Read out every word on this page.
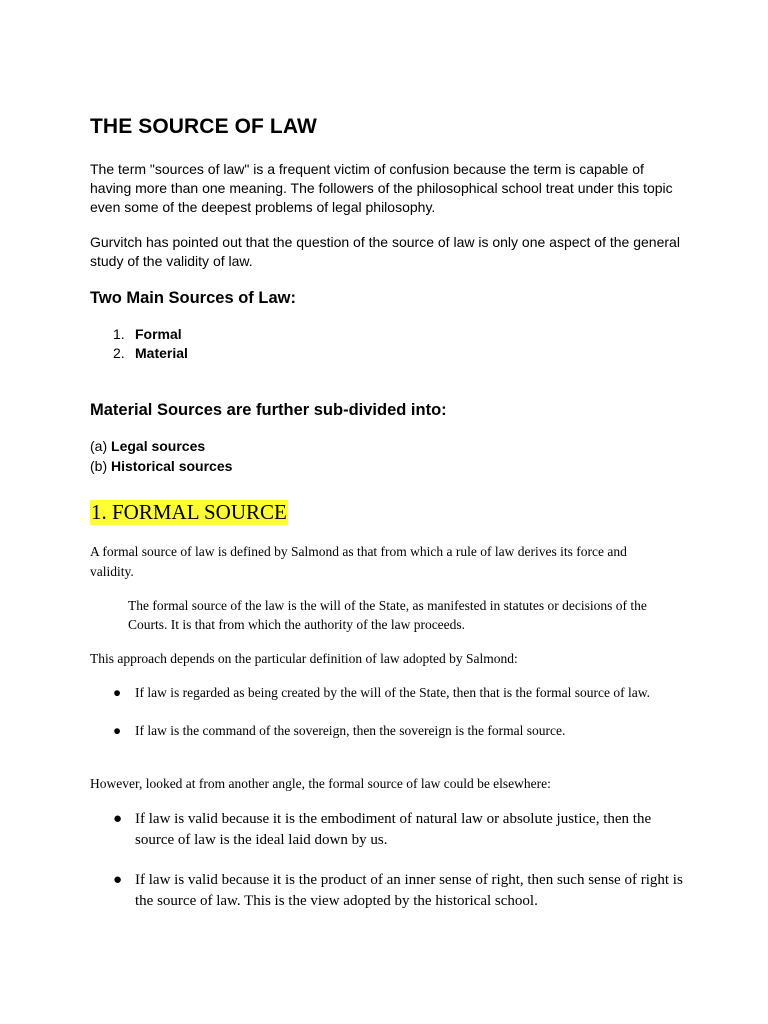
THE SOURCE OF LAW

The term "sources of law" is a frequent victim of confusion because the term is capable of having more than one meaning. The followers of the philosophical school treat under this topic even some of the deepest problems of legal philosophy.

Gurvitch has pointed out that the question of the source of law is only one aspect of the general study of the validity of law.

Two Main Sources of Law:
1. Formal
2. Material
Material Sources are further sub-divided into:
(a) Legal sources
(b) Historical sources
1. FORMAL SOURCE

A formal source of law is defined by Salmond as that from which a rule of law derives its force and validity.

The formal source of the law is the will of the State, as manifested in statutes or decisions of the Courts. It is that from which the authority of the law proceeds.

This approach depends on the particular definition of law adopted by Salmond:

● If law is regarded as being created by the will of the State, then that is the formal source of law.
● If law is the command of the sovereign, then the sovereign is the formal source.

However, looked at from another angle, the formal source of law could be elsewhere:

● If law is valid because it is the embodiment of natural law or absolute justice, then the source of law is the ideal laid down by us.
● If law is valid because it is the product of an inner sense of right, then such sense of right is the source of law. This is the view adopted by the historical school.
